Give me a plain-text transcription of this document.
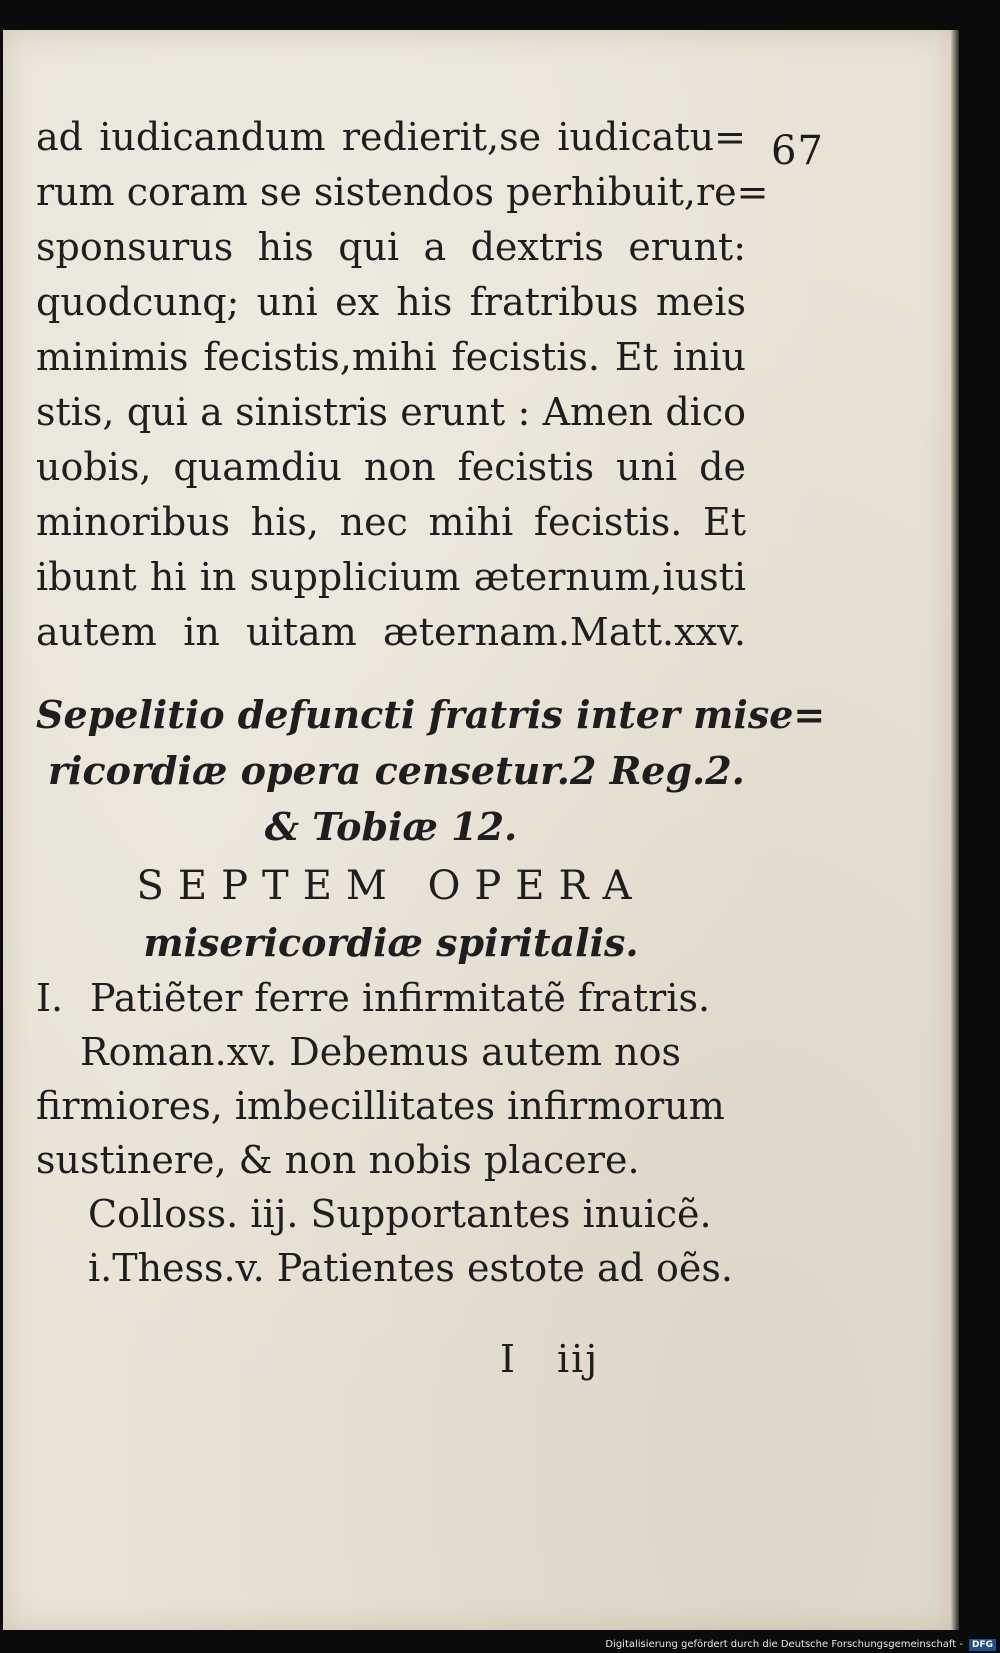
67
ad iudicandum redierit,se iudicatu=
rum coram se sistendos perhibuit,re=
sponsurus his qui a dextris erunt:
quodcunq; uni ex his fratribus meis
minimis fecistis,mihi fecistis. Et iniu
stis, qui a sinistris erunt : Amen dico
uobis, quamdiu non fecistis uni de
minoribus his, nec mihi fecistis. Et
ibunt hi in supplicium æternum,iusti
autem in uitam æternam.Matt.xxv.
Sepelitio defuncti fratris inter mise=
ricordiæ opera censetur.2 Reg.2.
& Tobiæ 12.
SEPTEM OPERA
misericordiæ spiritalis.
I. Patiẽter ferre infirmitatẽ fratris.
Roman.xv. Debemus autem nos
firmiores, imbecillitates infirmorum
sustinere, & non nobis placere.
Colloss. iij. Supportantes inuicẽ.
i.Thess.v. Patientes estote ad oẽs.
I iij
Digitalisierung gefördert durch die Deutsche Forschungsgemeinschaft -	DFG
